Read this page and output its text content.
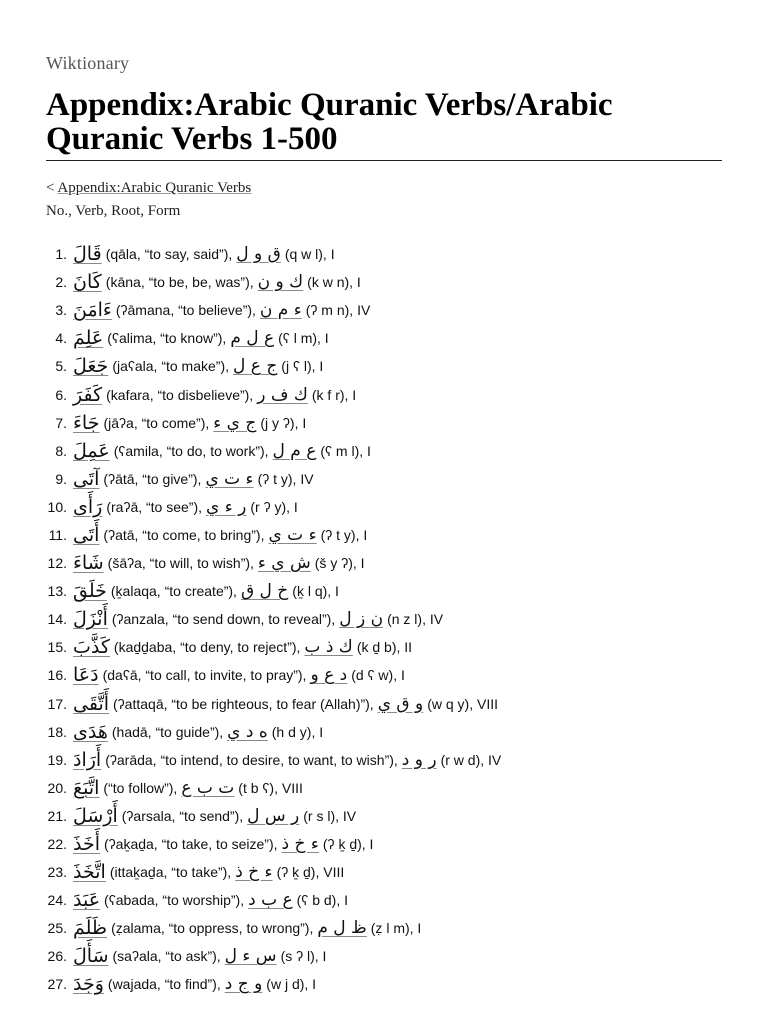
Wiktionary
Appendix:Arabic Quranic Verbs/Arabic Quranic Verbs 1-500
< Appendix:Arabic Quranic Verbs
No., Verb, Root, Form
1. قَالَ (qāla, “to say, said”), ق و ل (q w l), I
2. كَانَ (kāna, “to be, be, was”), ك و ن (k w n), I
3. ءَامَنَ (ʔāmana, “to believe”), ء م ن (ʔ m n), IV
4. عَلِمَ (ʕalima, “to know”), ع ل م (ʕ l m), I
5. جَعَلَ (jaʕala, “to make”), ج ع ل (j ʕ l), I
6. كَفَرَ (kafara, “to disbelieve”), ك ف ر (k f r), I
7. جَاءَ (jāʔa, “to come”), ج ي ء (j y ʔ), I
8. عَمِلَ (ʕamila, “to do, to work”), ع م ل (ʕ m l), I
9. آتَى (ʔātā, “to give”), ء ت ي (ʔ t y), IV
10. رَأَى (raʔā, “to see”), ر ء ي (r ʔ y), I
11. أَتَى (ʔatā, “to come, to bring”), ء ت ي (ʔ t y), I
12. شَاءَ (šāʔa, “to will, to wish”), ش ي ء (š y ʔ), I
13. خَلَقَ (ḵalaqa, “to create”), خ ل ق (ḵ l q), I
14. أَنْزَلَ (ʔanzala, “to send down, to reveal”), ن ز ل (n z l), IV
15. كَذَّبَ (kaḏḏaba, “to deny, to reject”), ك ذ ب (k ḏ b), II
16. دَعَا (daʕā, “to call, to invite, to pray”), د ع و (d ʕ w), I
17. أَتَّقَى (ʔattaqā, “to be righteous, to fear (Allah)”), و ق ي (w q y), VIII
18. هَدَى (hadā, “to guide”), ه د ي (h d y), I
19. أَرَادَ (ʔarāda, “to intend, to desire, to want, to wish”), ر و د (r w d), IV
20. اتَّبَعَ (“to follow”), ت ب ع (t b ʕ), VIII
21. أَرْسَلَ (ʔarsala, “to send”), ر س ل (r s l), IV
22. أَخَذَ (ʔaḵaḏa, “to take, to seize”), ء خ ذ (ʔ ḵ ḏ), I
23. اتَّخَذَ (ittaḵaḏa, “to take”), ء خ ذ (ʔ ḵ ḏ), VIII
24. عَبَدَ (ʕabada, “to worship”), ع ب د (ʕ b d), I
25. ظَلَمَ (ẓalama, “to oppress, to wrong”), ظ ل م (ẓ l m), I
26. سَأَلَ (saʔala, “to ask”), س ء ل (s ʔ l), I
27. وَجَدَ (wajada, “to find”), و ج د (w j d), I
